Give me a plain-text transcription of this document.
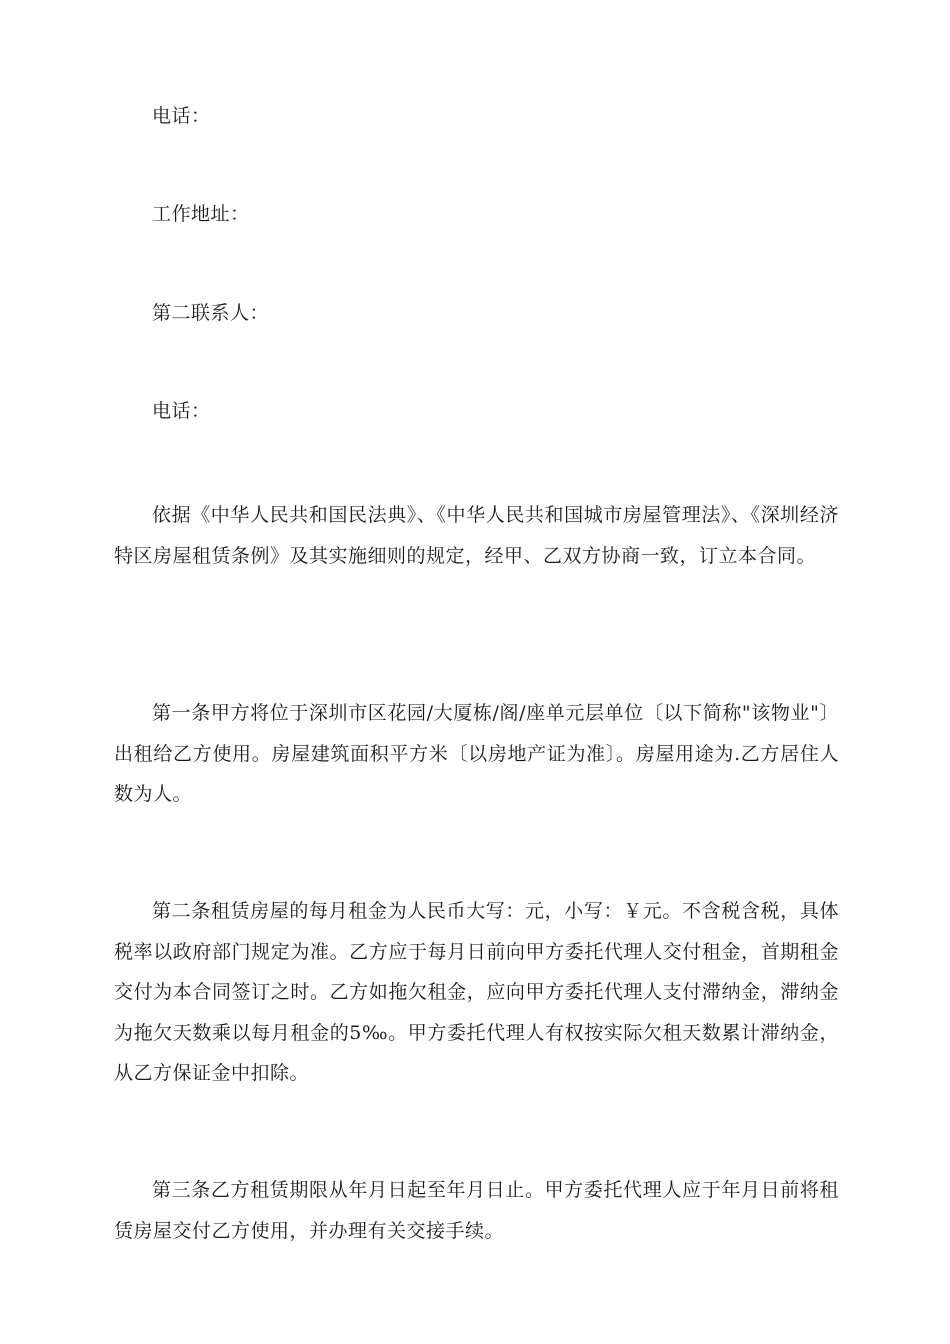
电话：
工作地址：
第二联系人：
电话：

依据《中华人民共和国民法典》、《中华人民共和国城市房屋管理法》、《深圳经济特区房屋租赁条例》及其实施细则的规定，经甲、乙双方协商一致，订立本合同。

第一条甲方将位于深圳市区花园/大厦栋/阁/座单元层单位〔以下简称"该物业"〕出租给乙方使用。房屋建筑面积平方米〔以房地产证为准〕。房屋用途为.乙方居住人数为人。

第二条租赁房屋的每月租金为人民币大写：元，小写：￥元。不含税含税，具体税率以政府部门规定为准。乙方应于每月日前向甲方委托代理人交付租金，首期租金交付为本合同签订之时。乙方如拖欠租金，应向甲方委托代理人支付滞纳金，滞纳金为拖欠天数乘以每月租金的5‰。甲方委托代理人有权按实际欠租天数累计滞纳金，从乙方保证金中扣除。

第三条乙方租赁期限从年月日起至年月日止。甲方委托代理人应于年月日前将租赁房屋交付乙方使用，并办理有关交接手续。
